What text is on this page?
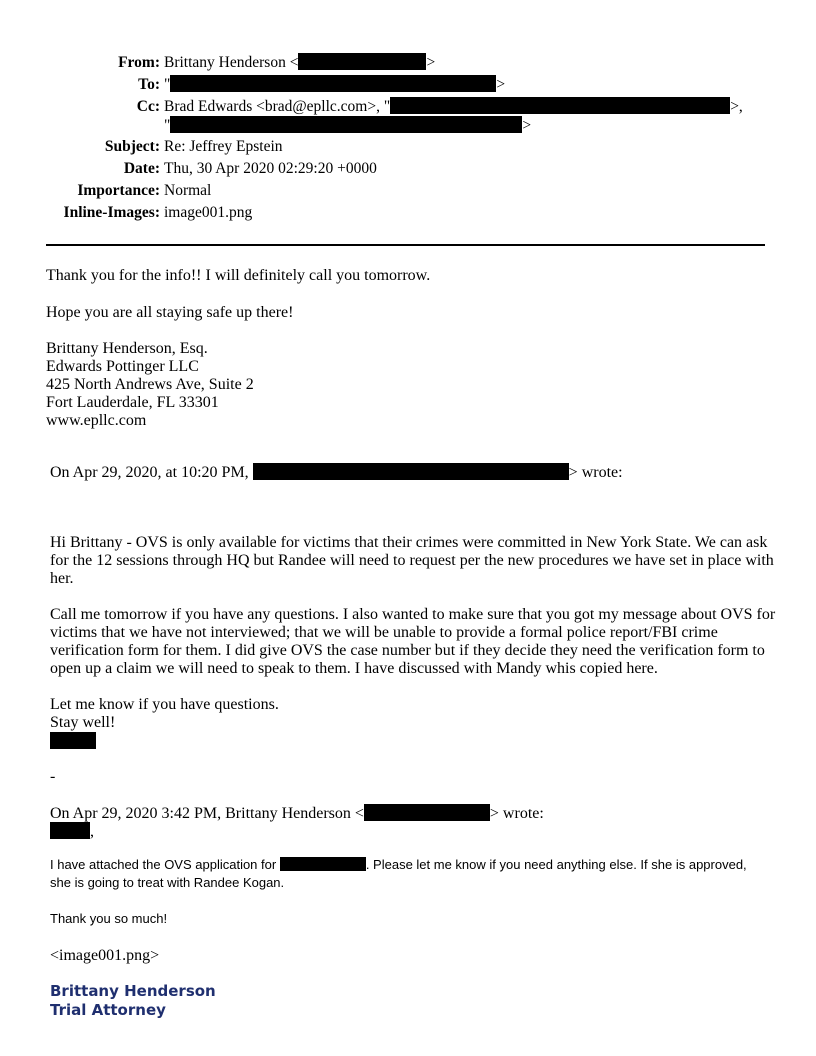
From: Brittany Henderson <	>
To: "	>
Cc: Brad Edwards <brad@epllc.com>, "	>,
"	>
Subject: Re: Jeffrey Epstein
Date: Thu, 30 Apr 2020 02:29:20 +0000
Importance: Normal
Inline-Images: image001.png
Thank you for the info!! I will definitely call you tomorrow.
Hope you are all staying safe up there!
Brittany Henderson, Esq.
Edwards Pottinger LLC
425 North Andrews Ave, Suite 2
Fort Lauderdale, FL 33301
www.epllc.com
On Apr 29, 2020, at 10:20 PM,	> wrote:
Hi Brittany - OVS is only available for victims that their crimes were committed in New York State. We can ask for the 12 sessions through HQ but Randee will need to request per the new procedures we have set in place with her.
Call me tomorrow if you have any questions. I also wanted to make sure that you got my message about OVS for victims that we have not interviewed; that we will be unable to provide a formal police report/FBI crime verification form for them. I did give OVS the case number but if they decide they need the verification form to open up a claim we will need to speak to them. I have discussed with Mandy whis copied here.
Let me know if you have questions.
Stay well!
-
On Apr 29, 2020 3:42 PM, Brittany Henderson <	> wrote:
,
I have attached the OVS application for	. Please let me know if you need anything else. If she is approved, she is going to treat with Randee Kogan.
Thank you so much!
<image001.png>
Brittany Henderson
Trial Attorney
